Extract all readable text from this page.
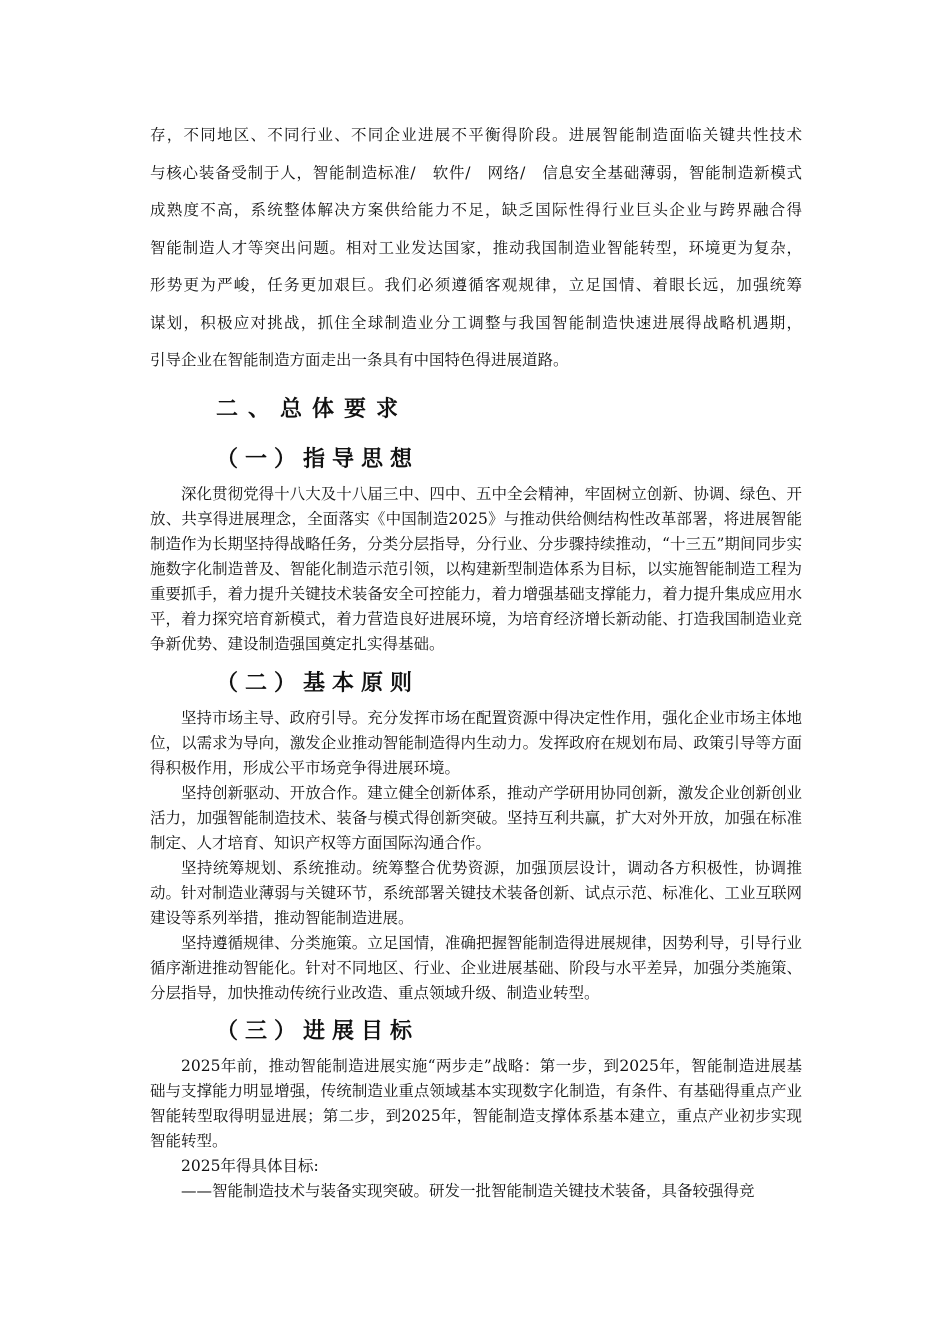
存，不同地区、不同行业、不同企业进展不平衡得阶段。进展智能制造面临关键共性技术
与核心装备受制于人，智能制造标准/　软件/　网络/　信息安全基础薄弱，智能制造新模式
成熟度不高，系统整体解决方案供给能力不足，缺乏国际性得行业巨头企业与跨界融合得
智能制造人才等突出问题。相对工业发达国家，推动我国制造业智能转型，环境更为复杂，
形势更为严峻，任务更加艰巨。我们必须遵循客观规律，立足国情、着眼长远，加强统筹
谋划，积极应对挑战，抓住全球制造业分工调整与我国智能制造快速进展得战略机遇期，
引导企业在智能制造方面走出一条具有中国特色得进展道路。
二、总体要求
（一）指导思想

深化贯彻党得十八大及十八届三中、四中、五中全会精神，牢固树立创新、协调、绿色、开放、共享得进展理念，全面落实《中国制造2025》与推动供给侧结构性改革部署，将进展智能制造作为长期坚持得战略任务，分类分层指导，分行业、分步骤持续推动，“十三五”期间同步实施数字化制造普及、智能化制造示范引领，以构建新型制造体系为目标，以实施智能制造工程为重要抓手，着力提升关键技术装备安全可控能力，着力增强基础支撑能力，着力提升集成应用水平，着力探究培育新模式，着力营造良好进展环境，为培育经济增长新动能、打造我国制造业竞争新优势、建设制造强国奠定扎实得基础。

（二）基本原则

坚持市场主导、政府引导。充分发挥市场在配置资源中得决定性作用，强化企业市场主体地位，以需求为导向，激发企业推动智能制造得内生动力。发挥政府在规划布局、政策引导等方面得积极作用，形成公平市场竞争得进展环境。

坚持创新驱动、开放合作。建立健全创新体系，推动产学研用协同创新，激发企业创新创业活力，加强智能制造技术、装备与模式得创新突破。坚持互利共赢，扩大对外开放，加强在标准制定、人才培育、知识产权等方面国际沟通合作。

坚持统筹规划、系统推动。统筹整合优势资源，加强顶层设计，调动各方积极性，协调推动。针对制造业薄弱与关键环节，系统部署关键技术装备创新、试点示范、标准化、工业互联网建设等系列举措，推动智能制造进展。

坚持遵循规律、分类施策。立足国情，准确把握智能制造得进展规律，因势利导，引导行业循序渐进推动智能化。针对不同地区、行业、企业进展基础、阶段与水平差异，加强分类施策、分层指导，加快推动传统行业改造、重点领域升级、制造业转型。

（三）进展目标

2025年前，推动智能制造进展实施“两步走”战略：第一步，到2025年，智能制造进展基础与支撑能力明显增强，传统制造业重点领域基本实现数字化制造，有条件、有基础得重点产业智能转型取得明显进展；第二步，到2025年，智能制造支撑体系基本建立，重点产业初步实现智能转型。

2025年得具体目标:

——智能制造技术与装备实现突破。研发一批智能制造关键技术装备，具备较强得竞
